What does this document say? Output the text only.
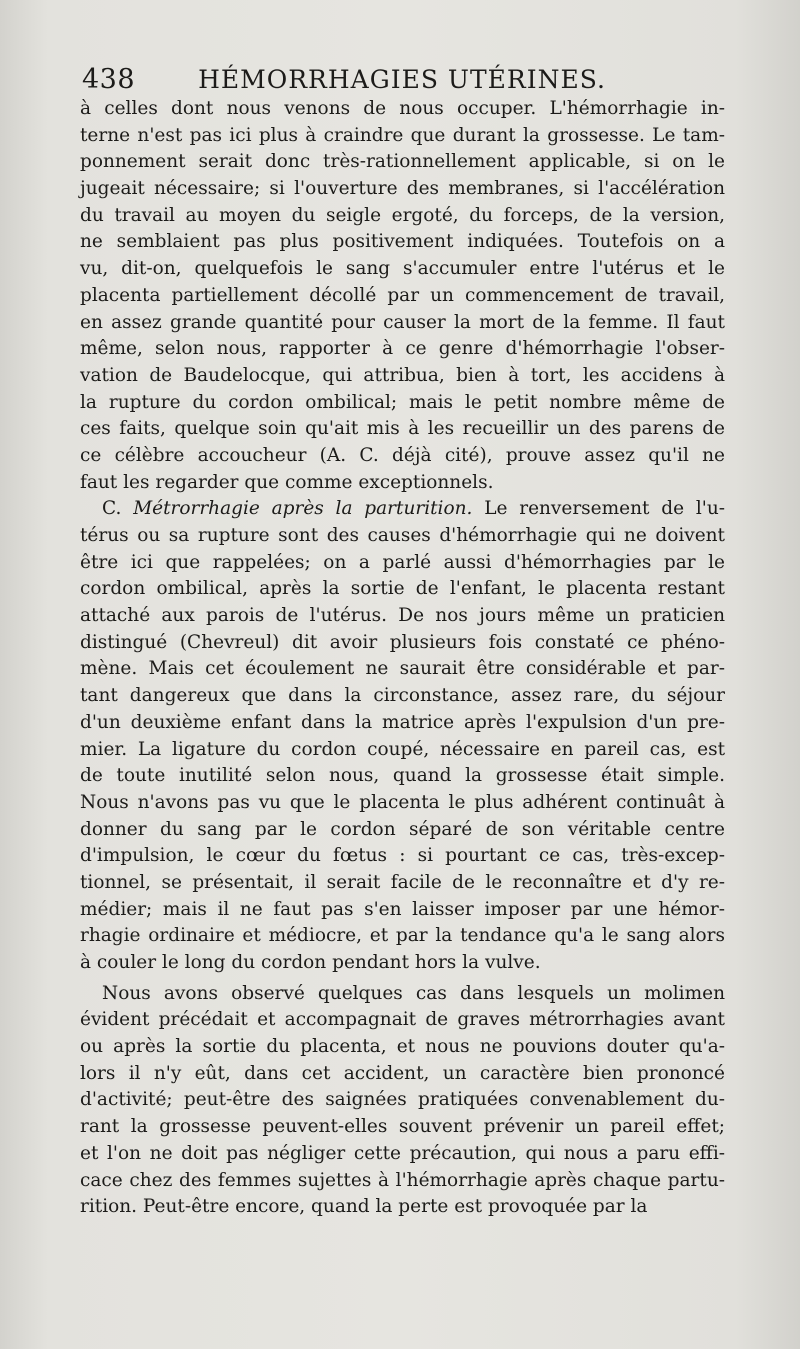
438	HÉMORRHAGIES UTÉRINES.
à celles dont nous venons de nous occuper. L'hémorrhagie in-
terne n'est pas ici plus à craindre que durant la grossesse. Le tam-
ponnement serait donc très-rationnellement applicable, si on le
jugeait nécessaire; si l'ouverture des membranes, si l'accélération
du travail au moyen du seigle ergoté, du forceps, de la version,
ne semblaient pas plus positivement indiquées. Toutefois on a
vu, dit-on, quelquefois le sang s'accumuler entre l'utérus et le
placenta partiellement décollé par un commencement de travail,
en assez grande quantité pour causer la mort de la femme. Il faut
même, selon nous, rapporter à ce genre d'hémorrhagie l'obser-
vation de Baudelocque, qui attribua, bien à tort, les accidens à
la rupture du cordon ombilical; mais le petit nombre même de
ces faits, quelque soin qu'ait mis à les recueillir un des parens de
ce célèbre accoucheur (A. C. déjà cité), prouve assez qu'il ne
faut les regarder que comme exceptionnels.
C. Métrorrhagie après la parturition. Le renversement de l'u-
térus ou sa rupture sont des causes d'hémorrhagie qui ne doivent
être ici que rappelées; on a parlé aussi d'hémorrhagies par le
cordon ombilical, après la sortie de l'enfant, le placenta restant
attaché aux parois de l'utérus. De nos jours même un praticien
distingué (Chevreul) dit avoir plusieurs fois constaté ce phéno-
mène. Mais cet écoulement ne saurait être considérable et par-
tant dangereux que dans la circonstance, assez rare, du séjour
d'un deuxième enfant dans la matrice après l'expulsion d'un pre-
mier. La ligature du cordon coupé, nécessaire en pareil cas, est
de toute inutilité selon nous, quand la grossesse était simple.
Nous n'avons pas vu que le placenta le plus adhérent continuât à
donner du sang par le cordon séparé de son véritable centre
d'impulsion, le cœur du fœtus : si pourtant ce cas, très-excep-
tionnel, se présentait, il serait facile de le reconnaître et d'y re-
médier; mais il ne faut pas s'en laisser imposer par une hémor-
rhagie ordinaire et médiocre, et par la tendance qu'a le sang alors
à couler le long du cordon pendant hors la vulve.
Nous avons observé quelques cas dans lesquels un molimen
évident précédait et accompagnait de graves métrorrhagies avant
ou après la sortie du placenta, et nous ne pouvions douter qu'a-
lors il n'y eût, dans cet accident, un caractère bien prononcé
d'activité; peut-être des saignées pratiquées convenablement du-
rant la grossesse peuvent-elles souvent prévenir un pareil effet;
et l'on ne doit pas négliger cette précaution, qui nous a paru effi-
cace chez des femmes sujettes à l'hémorrhagie après chaque partu-
rition. Peut-être encore, quand la perte est provoquée par la
